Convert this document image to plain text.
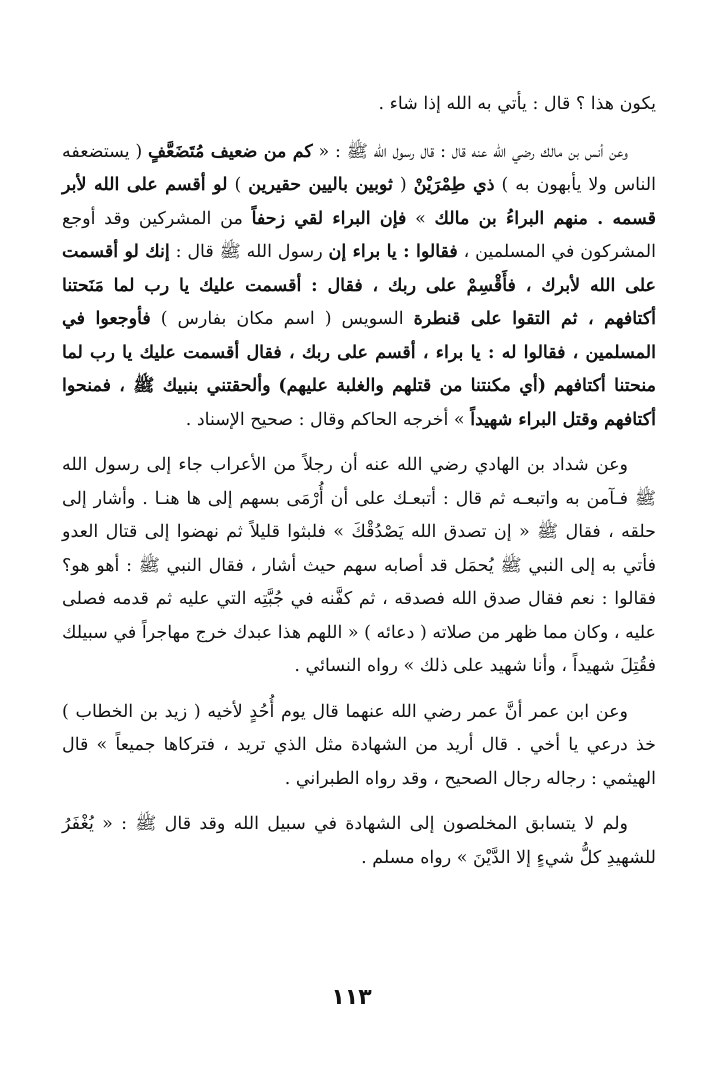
يكون هذا ؟ قال : يأتي به الله إذا شاء .

وعن أنس بن مالك رضي الله عنه قال : قال رسول الله ﷺ : « كم من ضعيف مُتَضَعَّفٍ ( يستضعفه الناس ولا يأبهون به ) ذي طِمْرَيْنْ ( ثوبين باليين حقيرين ) لو أقسم على الله لأبر قسمه . منهم البراءُ بن مالك » فإن البراء لقي زحفاً من المشركين وقد أوجع المشركون في المسلمين ، فقالوا : يا براء إن رسول الله ﷺ قال : إنك لو أقسمت على الله لأبرك ، فأَقْسِمْ على ربك ، فقال : أقسمت عليك يا رب لما مَنَحتنا أكتافهم ، ثم التقوا على قنطرة السويس ( اسم مكان بفارس ) فأوجعوا في المسلمين ، فقالوا له : يا براء ، أقسم على ربك ، فقال أقسمت عليك يا رب لما منحتنا أكتافهم (أي مكنتنا من قتلهم والغلبة عليهم) وألحقتني بنبيك ﷺ ، فمنحوا أكتافهم وقتل البراء شهيداً » أخرجه الحاكم وقال : صحيح الإسناد .

وعن شداد بن الهادي رضي الله عنه أن رجلاً من الأعراب جاء إلى رسول الله ﷺ فـآمن به واتبعـه ثم قال : أتبعـك على أن أُرْمَى بسهم إلى ها هنـا . وأشار إلى حلقه ، فقال ﷺ « إن تصدق الله يَصْدُقْكَ » فلبثوا قليلاً ثم نهضوا إلى قتال العدو فأتي به إلى النبي ﷺ يُحمَل قد أصابه سهم حيث أشار ، فقال النبي ﷺ : أهو هو؟ فقالوا : نعم فقال صدق الله فصدقه ، ثم كفَّنه في جُبَّتِه التي عليه ثم قدمه فصلى عليه ، وكان مما ظهر من صلاته ( دعائه ) « اللهم هذا عبدك خرج مهاجراً في سبيلك فقُتِلَ شهيداً ، وأنا شهيد على ذلك » رواه النسائي .

وعن ابن عمر أنَّ عمر رضي الله عنهما قال يوم أُحُدٍ لأخيه ( زيد بن الخطاب ) خذ درعي يا أخي . قال أريد من الشهادة مثل الذي تريد ، فتركاها جميعاً » قال الهيثمي : رجاله رجال الصحيح ، وقد رواه الطبراني .

ولم لا يتسابق المخلصون إلى الشهادة في سبيل الله وقد قال ﷺ : « يُغْفَرُ للشهيدِ كلُّ شيءٍ إلا الدَّيْنَ » رواه مسلم .

١١٣
